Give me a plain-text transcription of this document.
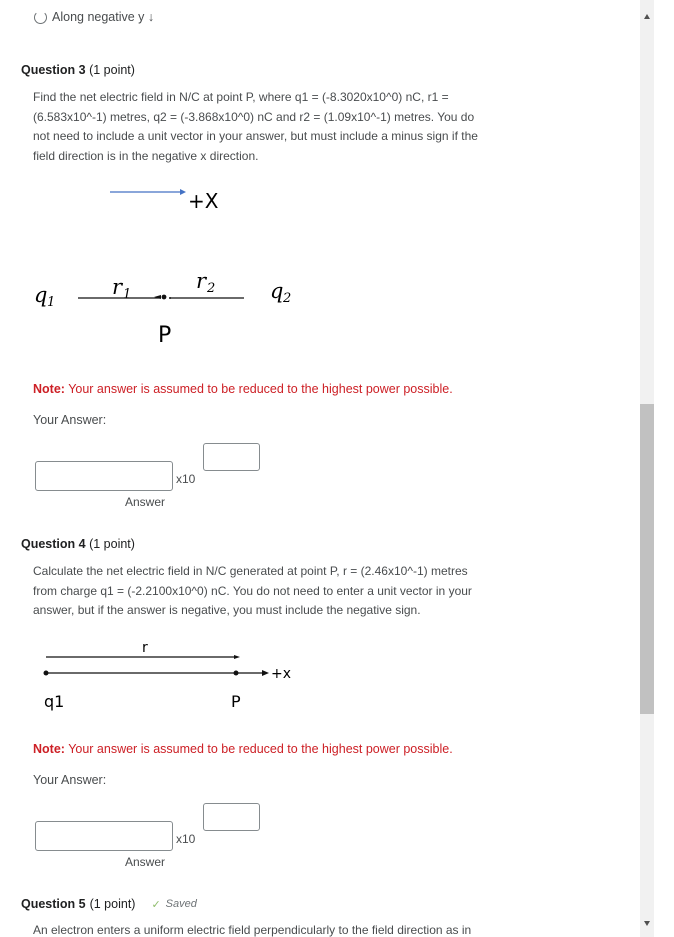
Along negative y ↓
Question 3 (1 point)
Find the net electric field in N/C at point P, where q1 = (-8.3020x10^0) nC, r1 =
(6.583x10^-1) metres, q2 = (-3.868x10^0) nC and r2 = (1.09x10^-1) metres. You do
not need to include a unit vector in your answer, but must include a minus sign if the
field direction is in the negative x direction.
+X
q 1
r 1
r 2	q 2
P
Note: Your answer is assumed to be reduced to the highest power possible.
Your Answer:
x10
Answer
Question 4 (1 point)
Calculate the net electric field in N/C generated at point P, r = (2.46x10^-1) metres
from charge q1 = (-2.2100x10^0) nC. You do not need to enter a unit vector in your
answer, but if the answer is negative, you must include the negative sign.
r
+x
q1	P
Note: Your answer is assumed to be reduced to the highest power possible.
Your Answer:
x10
Answer
Question 5 (1 point) ✓ Saved
An electron enters a uniform electric field perpendicularly to the field direction as in
